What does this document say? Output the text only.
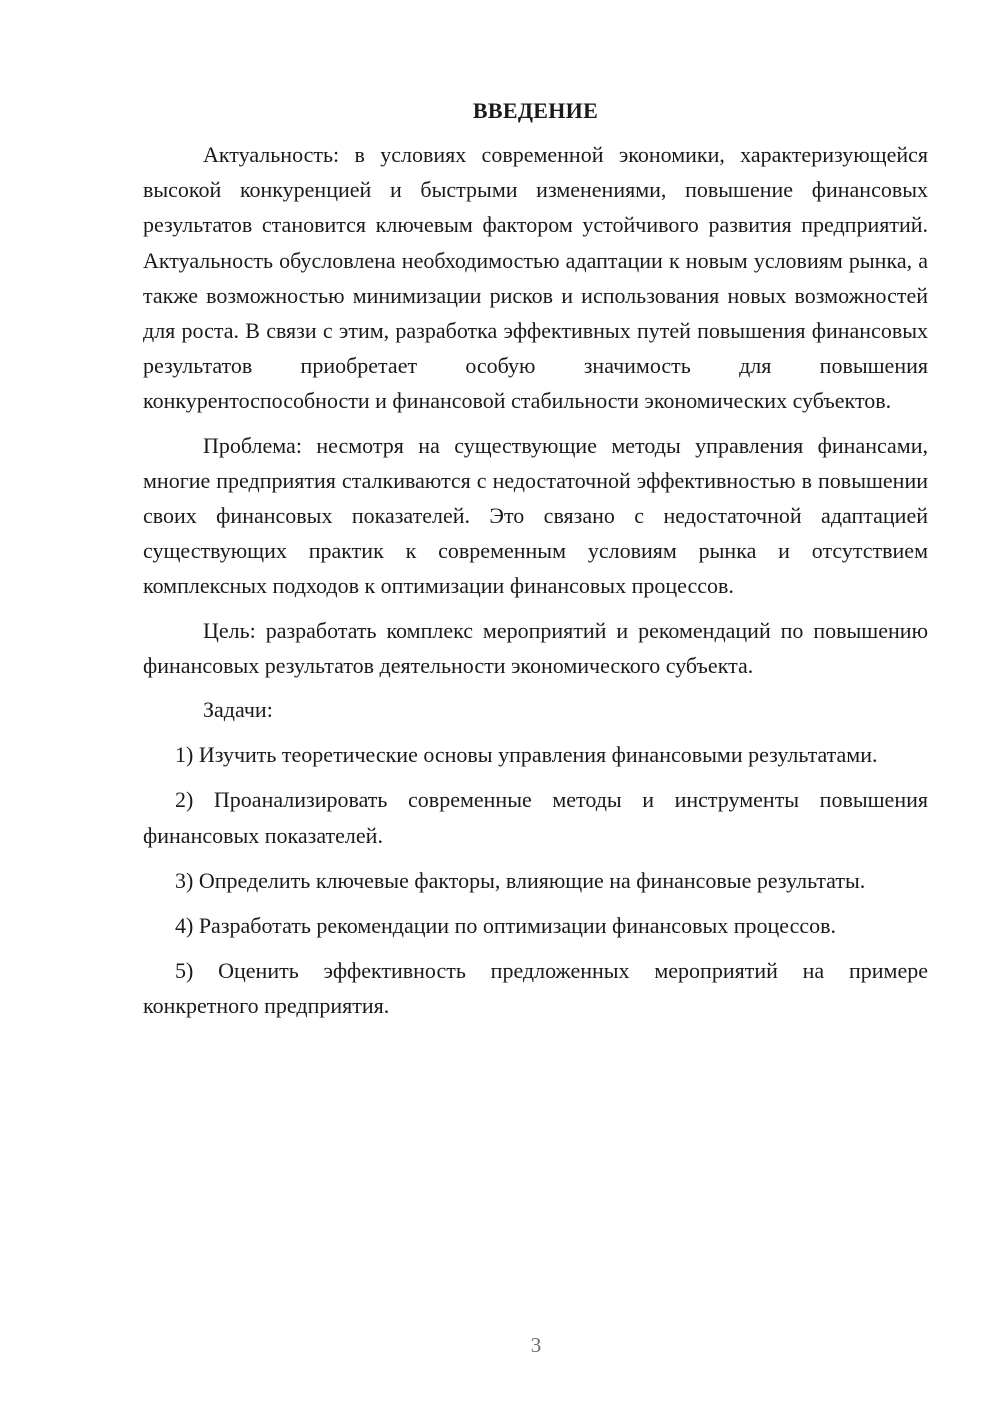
ВВЕДЕНИЕ

Актуальность: в условиях современной экономики, характеризующейся высокой конкуренцией и быстрыми изменениями, повышение финансовых результатов становится ключевым фактором устойчивого развития предприятий. Актуальность обусловлена необходимостью адаптации к новым условиям рынка, а также возможностью минимизации рисков и использования новых возможностей для роста. В связи с этим, разработка эффективных путей повышения финансовых результатов приобретает особую значимость для повышения конкурентоспособности и финансовой стабильности экономических субъектов.

Проблема: несмотря на существующие методы управления финансами, многие предприятия сталкиваются с недостаточной эффективностью в повышении своих финансовых показателей. Это связано с недостаточной адаптацией существующих практик к современным условиям рынка и отсутствием комплексных подходов к оптимизации финансовых процессов.

Цель: разработать комплекс мероприятий и рекомендаций по повышению финансовых результатов деятельности экономического субъекта.

Задачи:

1) Изучить теоретические основы управления финансовыми результатами.

2) Проанализировать современные методы и инструменты повышения финансовых показателей.

3) Определить ключевые факторы, влияющие на финансовые результаты.

4) Разработать рекомендации по оптимизации финансовых процессов.

5) Оценить эффективность предложенных мероприятий на примере конкретного предприятия.

3
